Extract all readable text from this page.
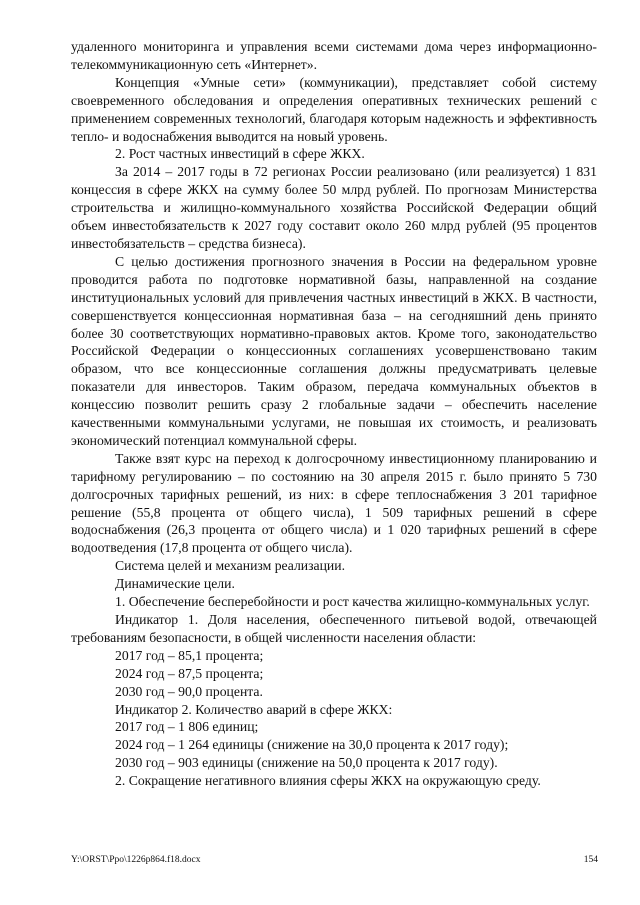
удаленного мониторинга и управления всеми системами дома через информационно-телекоммуникационную сеть «Интернет».

Концепция «Умные сети» (коммуникации), представляет собой систему своевременного обследования и определения оперативных технических решений с применением современных технологий, благодаря которым надежность и эффективность тепло- и водоснабжения выводится на новый уровень.

2. Рост частных инвестиций в сфере ЖКХ.

За 2014 – 2017 годы в 72 регионах России реализовано (или реализуется) 1 831 концессия в сфере ЖКХ на сумму более 50 млрд рублей. По прогнозам Министерства строительства и жилищно-коммунального хозяйства Российской Федерации общий объем инвестобязательств к 2027 году составит около 260 млрд рублей (95 процентов инвестобязательств – средства бизнеса).

С целью достижения прогнозного значения в России на федеральном уровне проводится работа по подготовке нормативной базы, направленной на создание институциональных условий для привлечения частных инвестиций в ЖКХ. В частности, совершенствуется концессионная нормативная база – на сегодняшний день принято более 30 соответствующих нормативно-правовых актов. Кроме того, законодательство Российской Федерации о концессионных соглашениях усовершенствовано таким образом, что все концессионные соглашения должны предусматривать целевые показатели для инвесторов. Таким образом, передача коммунальных объектов в концессию позволит решить сразу 2 глобальные задачи – обеспечить население качественными коммунальными услугами, не повышая их стоимость, и реализовать экономический потенциал коммунальной сферы.

Также взят курс на переход к долгосрочному инвестиционному планированию и тарифному регулированию – по состоянию на 30 апреля 2015 г. было принято 5 730 долгосрочных тарифных решений, из них: в сфере теплоснабжения 3 201 тарифное решение (55,8 процента от общего числа), 1 509 тарифных решений в сфере водоснабжения (26,3 процента от общего числа) и 1 020 тарифных решений в сфере водоотведения (17,8 процента от общего числа).

Система целей и механизм реализации.

Динамические цели.

1. Обеспечение бесперебойности и рост качества жилищно-коммунальных услуг.

Индикатор 1. Доля населения, обеспеченного питьевой водой, отвечающей требованиям безопасности, в общей численности населения области:

2017 год – 85,1 процента;

2024 год – 87,5 процента;

2030 год – 90,0 процента.

Индикатор 2. Количество аварий в сфере ЖКХ:

2017 год – 1 806 единиц;

2024 год – 1 264 единицы (снижение на 30,0 процента к 2017 году);

2030 год – 903 единицы (снижение на 50,0 процента к 2017 году).

2. Сокращение негативного влияния сферы ЖКХ на окружающую среду.

Y:\ORST\Ppo\1226p864.f18.docx	154
